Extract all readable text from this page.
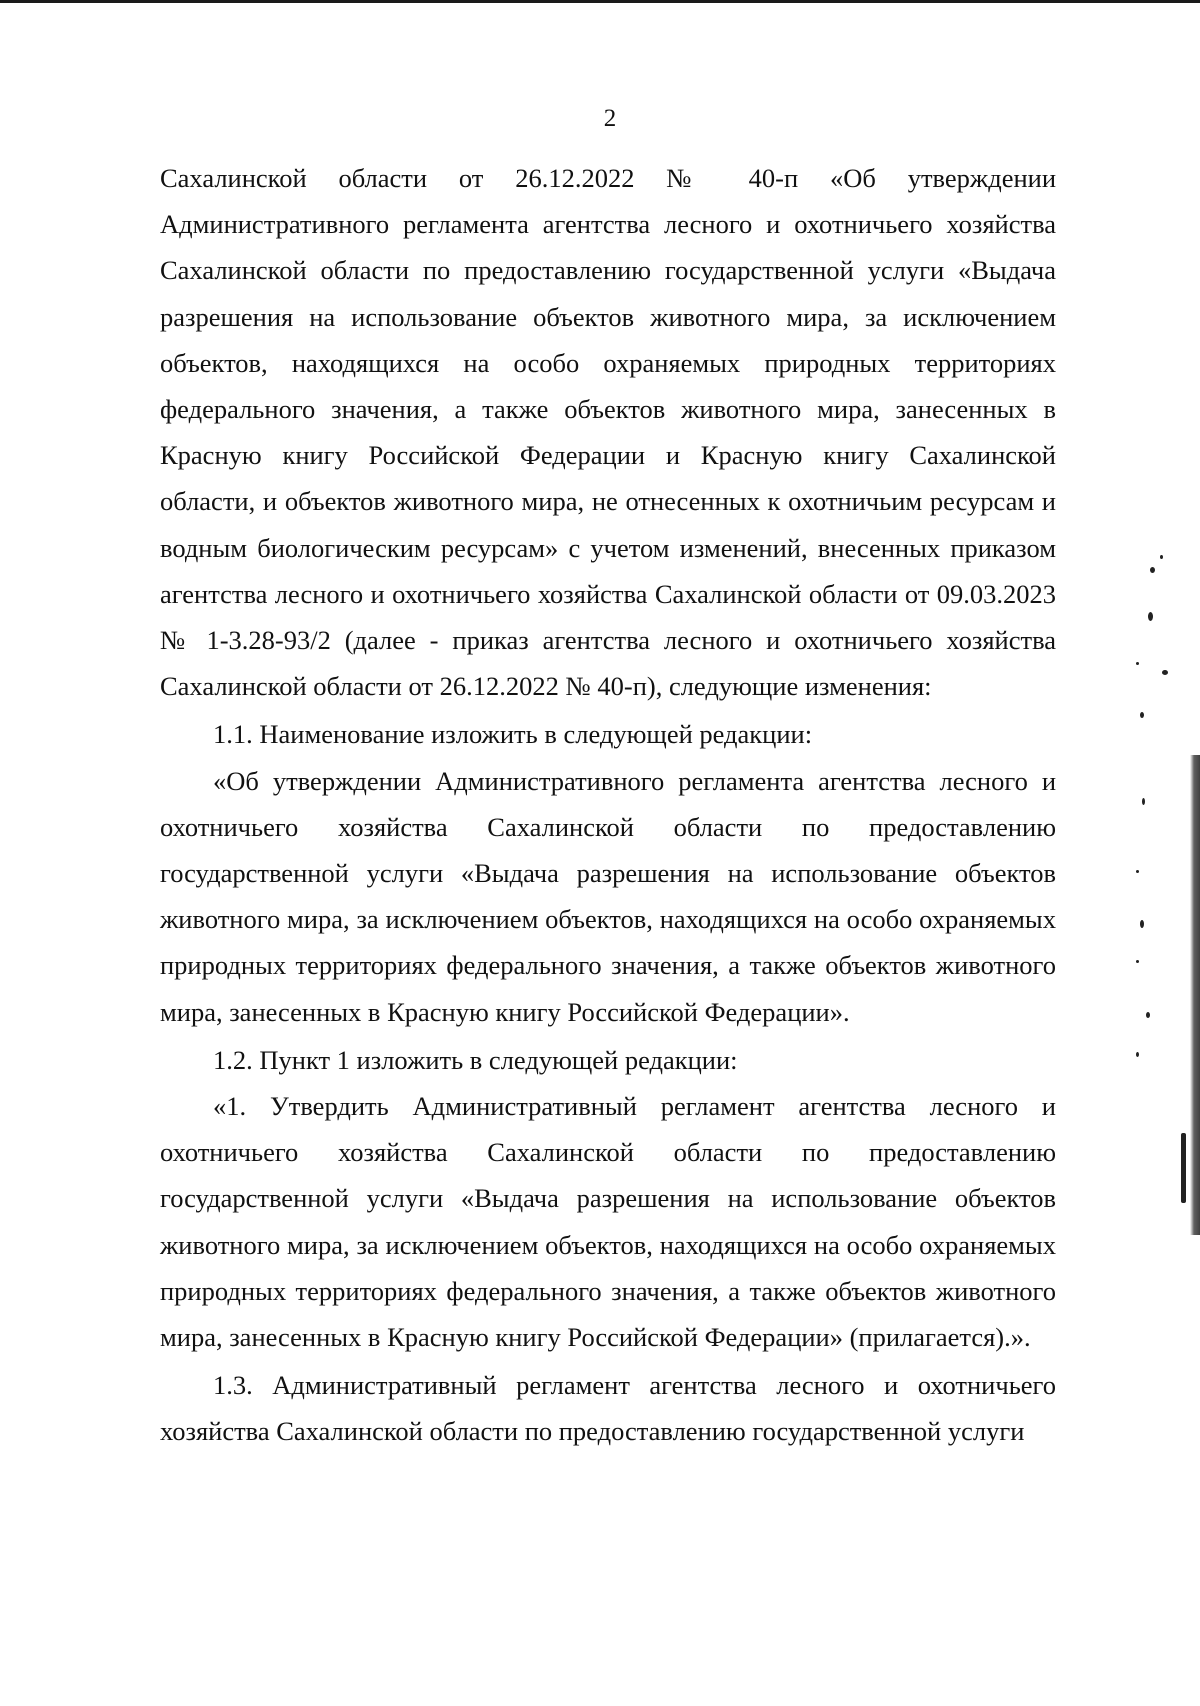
2

Сахалинской области от 26.12.2022 № 40-п «Об утверждении Административного регламента агентства лесного и охотничьего хозяйства Сахалинской области по предоставлению государственной услуги «Выдача разрешения на использование объектов животного мира, за исключением объектов, находящихся на особо охраняемых природных территориях федерального значения, а также объектов животного мира, занесенных в Красную книгу Российской Федерации и Красную книгу Сахалинской области, и объектов животного мира, не отнесенных к охотничьим ресурсам и водным биологическим ресурсам» с учетом изменений, внесенных приказом агентства лесного и охотничьего хозяйства Сахалинской области от 09.03.2023 № 1-3.28-93/2 (далее - приказ агентства лесного и охотничьего хозяйства Сахалинской области от 26.12.2022 № 40-п), следующие изменения:

1.1. Наименование изложить в следующей редакции:

«Об утверждении Административного регламента агентства лесного и охотничьего хозяйства Сахалинской области по предоставлению государственной услуги «Выдача разрешения на использование объектов животного мира, за исключением объектов, находящихся на особо охраняемых природных территориях федерального значения, а также объектов животного мира, занесенных в Красную книгу Российской Федерации».

1.2. Пункт 1 изложить в следующей редакции:

«1. Утвердить Административный регламент агентства лесного и охотничьего хозяйства Сахалинской области по предоставлению государственной услуги «Выдача разрешения на использование объектов животного мира, за исключением объектов, находящихся на особо охраняемых природных территориях федерального значения, а также объектов животного мира, занесенных в Красную книгу Российской Федерации» (прилагается).».

1.3. Административный регламент агентства лесного и охотничьего хозяйства Сахалинской области по предоставлению государственной услуги
